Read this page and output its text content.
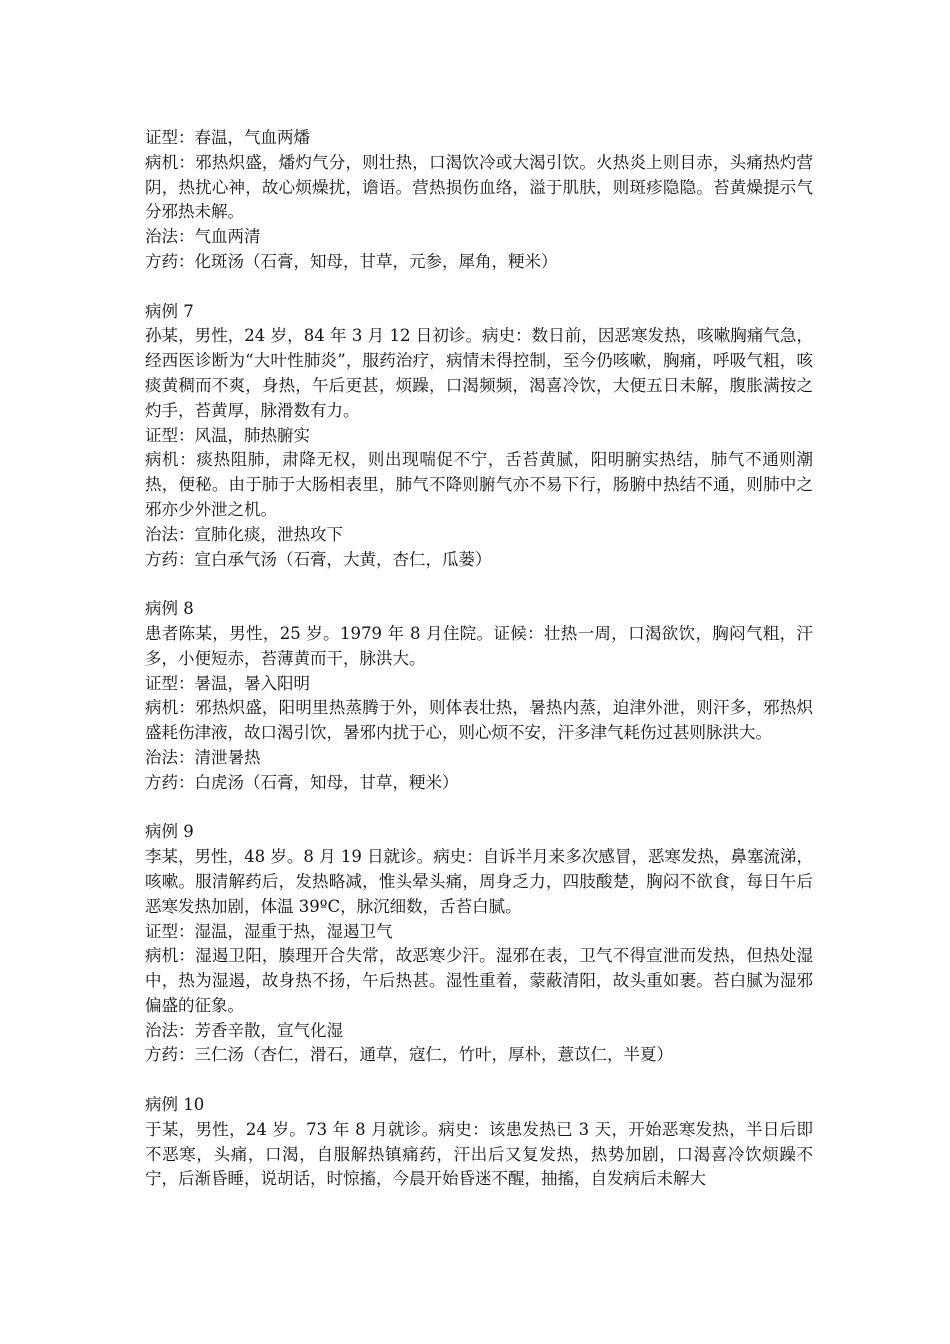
证型：春温，气血两燔

病机：邪热炽盛，燔灼气分，则壮热，口渴饮冷或大渴引饮。火热炎上则目赤，头痛热灼营阴，热扰心神，故心烦燥扰，谵语。营热损伤血络，溢于肌肤，则斑疹隐隐。苔黄燥提示气分邪热未解。

治法：气血两清

方药：化斑汤（石膏，知母，甘草，元参，犀角，粳米）

病例 7

孙某，男性，24 岁，84 年 3 月 12 日初诊。病史：数日前，因恶寒发热，咳嗽胸痛气急，经西医诊断为“大叶性肺炎”，服药治疗，病情未得控制，至今仍咳嗽，胸痛，呼吸气粗，咳痰黄稠而不爽，身热，午后更甚，烦躁，口渴频频，渴喜冷饮，大便五日未解，腹胀满按之灼手，苔黄厚，脉滑数有力。

证型：风温，肺热腑实

病机：痰热阻肺，肃降无权，则出现喘促不宁，舌苔黄腻，阳明腑实热结，肺气不通则潮热，便秘。由于肺于大肠相表里，肺气不降则腑气亦不易下行，肠腑中热结不通，则肺中之邪亦少外泄之机。

治法：宣肺化痰，泄热攻下

方药：宣白承气汤（石膏，大黄，杏仁，瓜蒌）

病例 8

患者陈某，男性，25 岁。1979 年 8 月住院。证候：壮热一周，口渴欲饮，胸闷气粗，汗多，小便短赤，苔薄黄而干，脉洪大。

证型：暑温，暑入阳明

病机：邪热炽盛，阳明里热蒸腾于外，则体表壮热，暑热内蒸，迫津外泄，则汗多，邪热炽盛耗伤津液，故口渴引饮，暑邪内扰于心，则心烦不安，汗多津气耗伤过甚则脉洪大。

治法：清泄暑热

方药：白虎汤（石膏，知母，甘草，粳米）

病例 9

李某，男性，48 岁。8 月 19 日就诊。病史：自诉半月来多次感冒，恶寒发热，鼻塞流涕，咳嗽。服清解药后，发热略减，惟头晕头痛，周身乏力，四肢酸楚，胸闷不欲食，每日午后恶寒发热加剧，体温 39ºC，脉沉细数，舌苔白腻。

证型：湿温，湿重于热，湿遏卫气

病机：湿遏卫阳，腠理开合失常，故恶寒少汗。湿邪在表，卫气不得宣泄而发热，但热处湿中，热为湿遏，故身热不扬，午后热甚。湿性重着，蒙蔽清阳，故头重如裹。苔白腻为湿邪偏盛的征象。

治法：芳香辛散，宣气化湿

方药：三仁汤（杏仁，滑石，通草，寇仁，竹叶，厚朴，薏苡仁，半夏）

病例 10

于某，男性，24 岁。73 年 8 月就诊。病史：该患发热已 3 天，开始恶寒发热，半日后即不恶寒，头痛，口渴，自服解热镇痛药，汗出后又复发热，热势加剧，口渴喜冷饮烦躁不宁，后渐昏睡，说胡话，时惊搐，今晨开始昏迷不醒，抽搐，自发病后未解大
